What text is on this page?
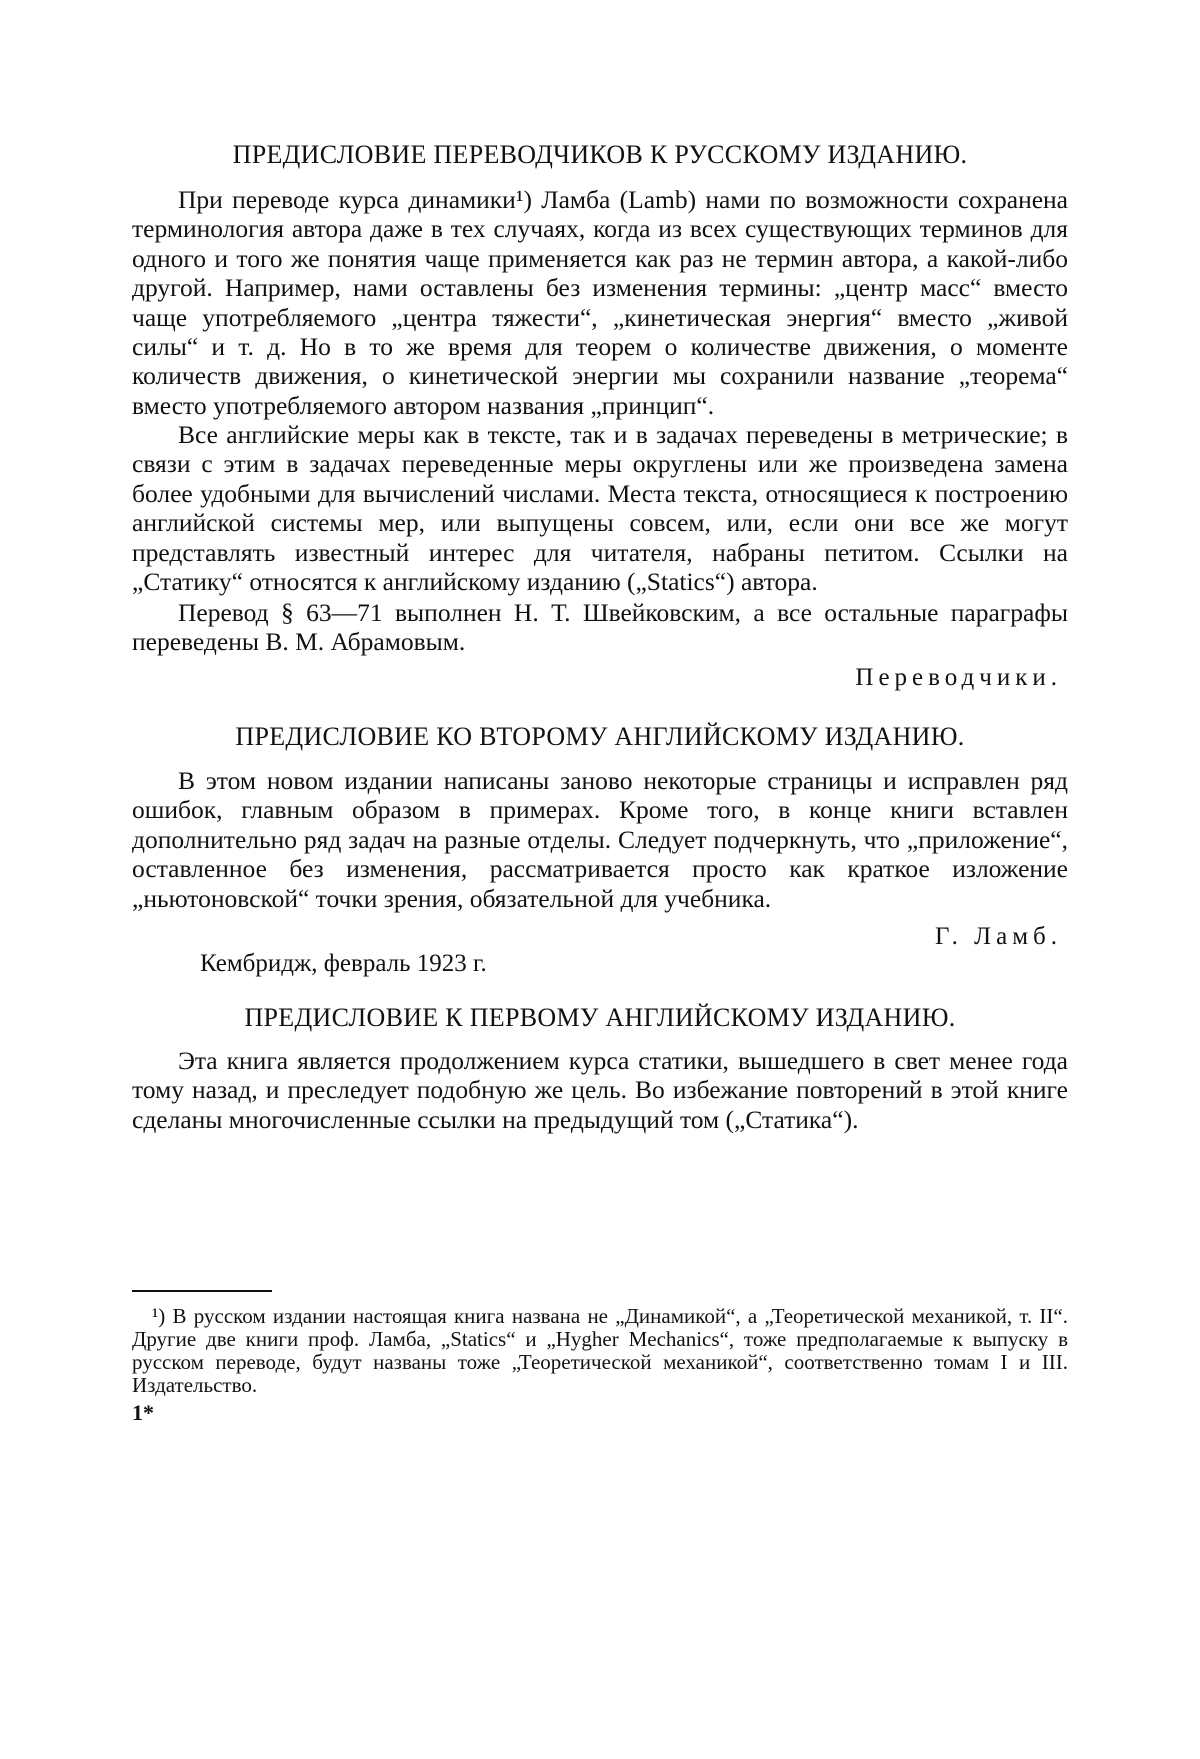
ПРЕДИСЛОВИЕ ПЕРЕВОДЧИКОВ К РУССКОМУ ИЗДАНИЮ.

При переводе курса динамики¹) Ламба (Lamb) нами по возможности сохранена терминология автора даже в тех случаях, когда из всех существующих терминов для одного и того же понятия чаще применяется как раз не термин автора, а какой-либо другой. Например, нами оставлены без изменения термины: „центр масс“ вместо чаще употребляемого „центра тяжести“, „кинетическая энергия“ вместо „живой силы“ и т. д. Но в то же время для теорем о количестве движения, о моменте количеств движения, о кинетической энергии мы сохранили название „теорема“ вместо употребляемого автором названия „принцип“.

Все английские меры как в тексте, так и в задачах переведены в метрические; в связи с этим в задачах переведенные меры округлены или же произведена замена более удобными для вычислений числами. Места текста, относящиеся к построению английской системы мер, или выпущены совсем, или, если они все же могут представлять известный интерес для читателя, набраны петитом. Ссылки на „Статику“ относятся к английскому изданию („Statics“) автора.

Перевод § 63—71 выполнен Н. Т. Швейковским, а все остальные параграфы переведены В. М. Абрамовым.

Переводчики.
ПРЕДИСЛОВИЕ КО ВТОРОМУ АНГЛИЙСКОМУ ИЗДАНИЮ.

В этом новом издании написаны заново некоторые страницы и исправлен ряд ошибок, главным образом в примерах. Кроме того, в конце книги вставлен дополнительно ряд задач на разные отделы. Следует подчеркнуть, что „приложение“, оставленное без изменения, рассматривается просто как краткое изложение „ньютоновской“ точки зрения, обязательной для учебника.

Г. Ламб.
Кембридж, февраль 1923 г.
ПРЕДИСЛОВИЕ К ПЕРВОМУ АНГЛИЙСКОМУ ИЗДАНИЮ.

Эта книга является продолжением курса статики, вышедшего в свет менее года тому назад, и преследует подобную же цель. Во избежание повторений в этой книге сделаны многочисленные ссылки на предыдущий том („Статика“).

¹) В русском издании настоящая книга названа не „Динамикой“, а „Теоретической механикой, т. II“. Другие две книги проф. Ламба, „Statics“ и „Hygher Mechanics“, тоже предполагаемые к выпуску в русском переводе, будут названы тоже „Теоретической механикой“, соответственно томам I и III. Издательство.

1*
